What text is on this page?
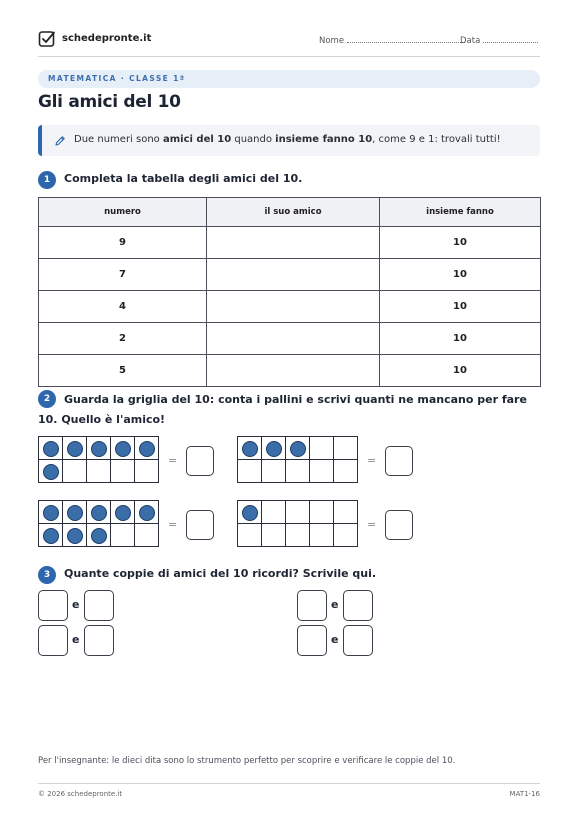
schedepronte.it	Nome	Data
MATEMATICA · CLASSE 1ª
Gli amici del 10
Due numeri sono amici del 10 quando insieme fanno 10, come 9 e 1: trovali tutti!
1	Completa la tabella degli amici del 10.
numero	il suo amico	insieme fanno
9		10
7		10
4		10
2		10
5		10
2	Guarda la griglia del 10: conta i pallini e scrivi quanti ne mancano per fare 10. Quello è l'amico!

=

					=

=

					=
3	Quante coppie di amici del 10 ricordi? Scrivile qui.
e
e
e
e
Per l'insegnante: le dieci dita sono lo strumento perfetto per scoprire e verificare le coppie del 10.
© 2026 schedepronte.it	MAT1-16
